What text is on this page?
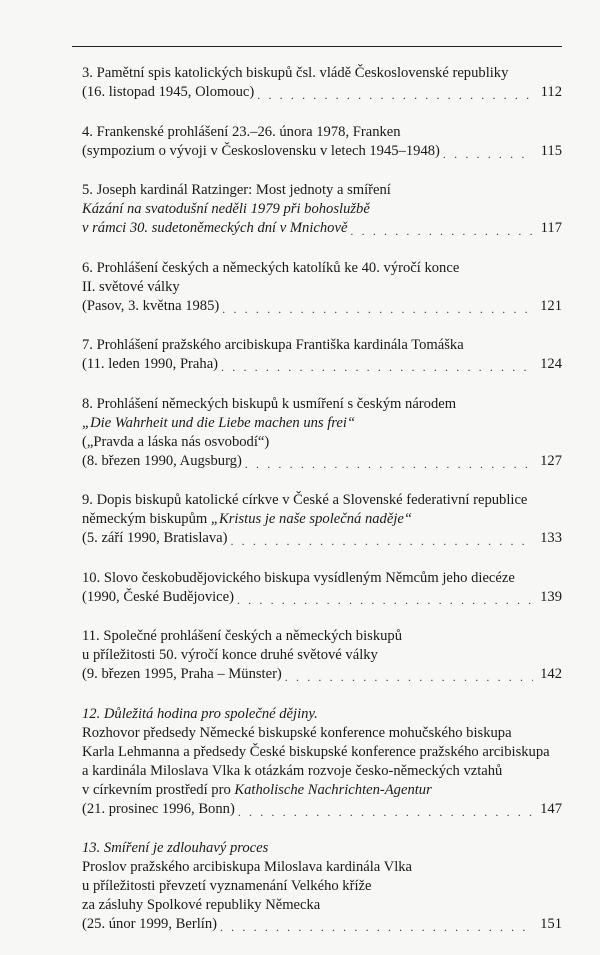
3. Pamětní spis katolických biskupů čsl. vládě Československé republiky
(16. listopad 1945, Olomouc) . . .	112
4. Frankenské prohlášení 23.–26. února 1978, Franken
(sympozium o vývoji v Československu v letech 1945–1948) . . .	115
5. Joseph kardinál Ratzinger: Most jednoty a smíření
Kázání na svatodušní neděli 1979 při bohoslužbě
v rámci 30. sudetoněmeckých dní v Mnichově . . .	117
6. Prohlášení českých a německých katolíků ke 40. výročí konce
II. světové války
(Pasov, 3. května 1985) . . .	121
7. Prohlášení pražského arcibiskupa Františka kardinála Tomáška
(11. leden 1990, Praha) . . .	124
8. Prohlášení německých biskupů k usmíření s českým národem
„Die Wahrheit und die Liebe machen uns frei“
(„Pravda a láska nás osvobodí“)
(8. březen 1990, Augsburg) . . .	127
9. Dopis biskupů katolické církve v České a Slovenské federativní republice
německým biskupům „Kristus je naše společná naděje“
(5. září 1990, Bratislava) . . .	133
10. Slovo českobudějovického biskupa vysídleným Němcům jeho diecéze
(1990, České Budějovice) . . .	139
11. Společné prohlášení českých a německých biskupů
u příležitosti 50. výročí konce druhé světové války
(9. březen 1995, Praha – Münster) . . .	142
12. Důležitá hodina pro společné dějiny.
Rozhovor předsedy Německé biskupské konference mohučského biskupa
Karla Lehmanna a předsedy České biskupské konference pražského arcibiskupa
a kardinála Miloslava Vlka k otázkám rozvoje česko-německých vztahů
v církevním prostředí pro Katholische Nachrichten-Agentur
(21. prosinec 1996, Bonn) . . .	147
13. Smíření je zdlouhavý proces
Proslov pražského arcibiskupa Miloslava kardinála Vlka
u příležitosti převzetí vyznamenání Velkého kříže
za zásluhy Spolkové republiky Německa
(25. únor 1999, Berlín) . . .	151
